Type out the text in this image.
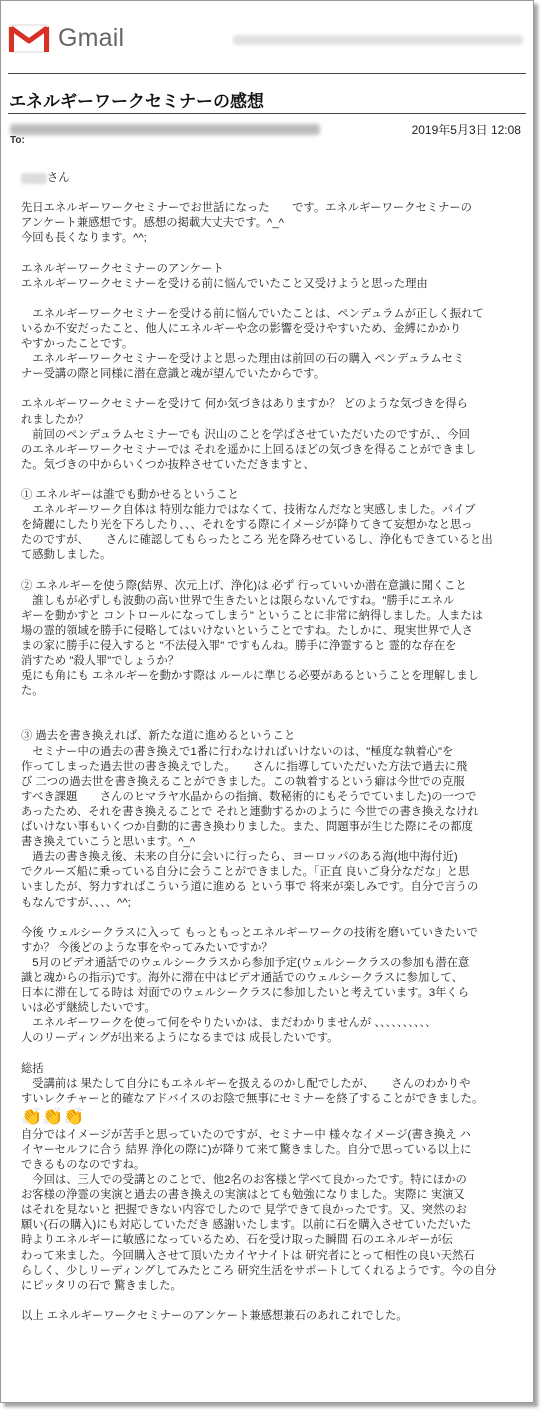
Gmail
エネルギーワークセミナーの感想
To:
2019年5月3日 12:08
さん
先日エネルギーワークセミナーでお世話になった　　です。エネルギーワークセミナーの
アンケート兼感想です。感想の掲載大丈夫です。^_^
今回も長くなります。^^;
エネルギーワークセミナーのアンケート
エネルギーワークセミナーを受ける前に悩んでいたこと又受けようと思った理由
　エネルギーワークセミナーを受ける前に悩んでいたことは、ペンデュラムが正しく振れて
いるか不安だったこと、他人にエネルギーや念の影響を受けやすいため、金縛にかかり
やすかったことです。
　エネルギーワークセミナーを受けよと思った理由は前回の石の購入 ペンデュラムセミ
ナー受講の際と同様に潜在意識と魂が望んでいたからです。
エネルギーワークセミナーを受けて 何か気づきはありますか？ どのような気づきを得ら
れましたか？
　前回のペンデュラムセミナーでも 沢山のことを学ばさせていただいたのですが、、今回
のエネルギーワークセミナーでは それを遥かに上回るほどの気づきを得ることができまし
た。気づきの中からいくつか抜粋させていただきますと、
① エネルギーは誰でも動かせるということ
　エネルギーワーク自体は 特別な能力ではなくて、技術なんだなと実感しました。パイブ
を綺麗にしたり光を下ろしたり、、、それをする際にイメージが降りてきて妄想かなと思っ
たのですが、　　さんに確認してもらったところ 光を降ろせているし、浄化もできていると出
て感動しました。
② エネルギーを使う際(結界、次元上げ、浄化)は 必ず 行っていいか潜在意識に聞くこと
　誰しもが必ずしも波動の高い世界で生きたいとは限らないんですね。"勝手にエネル
ギーを動かすと コントロールになってしまう" ということに非常に納得しました。人または
場の霊的領域を勝手に侵略してはいけないということですね。たしかに、現実世界で人さ
まの家に勝手に侵入すると "不法侵入罪" ですもんね。勝手に浄霊すると 霊的な存在を
消すため "殺人罪"でしょうか？
兎にも角にも エネルギーを動かす際は ルールに準じる必要があるということを理解しまし
た。
③ 過去を書き換えれば、新たな道に進めるということ
　セミナー中の過去の書き換えで1番に行わなければいけないのは、"極度な執着心"を
作ってしまった過去世の書き換えでした。　　さんに指導していただいた方法で過去に飛
び 二つの過去世を書き換えることができました。この執着するという癖は今世での克服
すべき課題　　さんのヒマラヤ水晶からの指摘、数秘術的にもそうでていました)の一つで
あったため、それを書き換えることで それと連動するかのように 今世での書き換えなけれ
ばいけない事もいくつか自動的に書き換わりました。また、問題事が生じた際にその都度
書き換えていこうと思います。^_^
　過去の書き換え後、未来の自分に会いに行ったら、ヨーロッパのある海(地中海付近)
でクルーズ船に乗っている自分に会うことができました。「正直 良いご身分なだな」と思
いましたが、努力すればこういう道に進める という事で 将来が楽しみです。自分で言うの
もなんですが、、、、^^;
今後 ウェルシークラスに入って もっともっとエネルギーワークの技術を磨いていきたいで
すか？ 今後どのような事をやってみたいですか？
　5月のビデオ通話でのウェルシークラスから参加予定(ウェルシークラスの参加も潜在意
識と魂からの指示)です。海外に滞在中はビデオ通話でのウェルシークラスに参加して、
日本に滞在してる時は 対面でのウェルシークラスに参加したいと考えています。3年くら
いは必ず継続したいです。
　エネルギーワークを使って何をやりたいかは、まだわかりませんが 、、、、、、、、、、
人のリーディングが出来るようになるまでは 成長したいです。
総括
　受講前は 果たして自分にもエネルギーを扱えるのかし配でしたが、　　さんのわかりや
すいレクチャーと的確なアドバイスのお陰で無事にセミナーを終了することができました。
👏👏👏
自分ではイメージが苦手と思っていたのですが、セミナー中 様々なイメージ(書き換え ハ
イヤーセルフに合う 結界 浄化の際に)が降りて来て驚きました。自分で思っている以上に
できるものなのですね。
　今回は、三人での受講とのことで、他2名のお客様と学べて良かったです。特にほかの
お客様の浄霊の実演と過去の書き換えの実演はとても勉強になりました。実際に 実演又
はそれを見ないと 把握できない内容でしたので 見学できて良かったです。又、突然のお
願い(石の購入)にも対応していただき 感謝いたします。以前に石を購入させていただいた
時よりエネルギーに敏感になっているため、石を受け取った瞬間 石のエネルギーが伝
わって来ました。今回購入させて頂いたカイヤナイトは 研究者にとって相性の良い天然石
らしく、少しリーディングしてみたところ 研究生活をサポートしてくれるようです。今の自分
にピッタリの石で 驚きました。
以上 エネルギーワークセミナーのアンケート兼感想兼石のあれこれでした。
